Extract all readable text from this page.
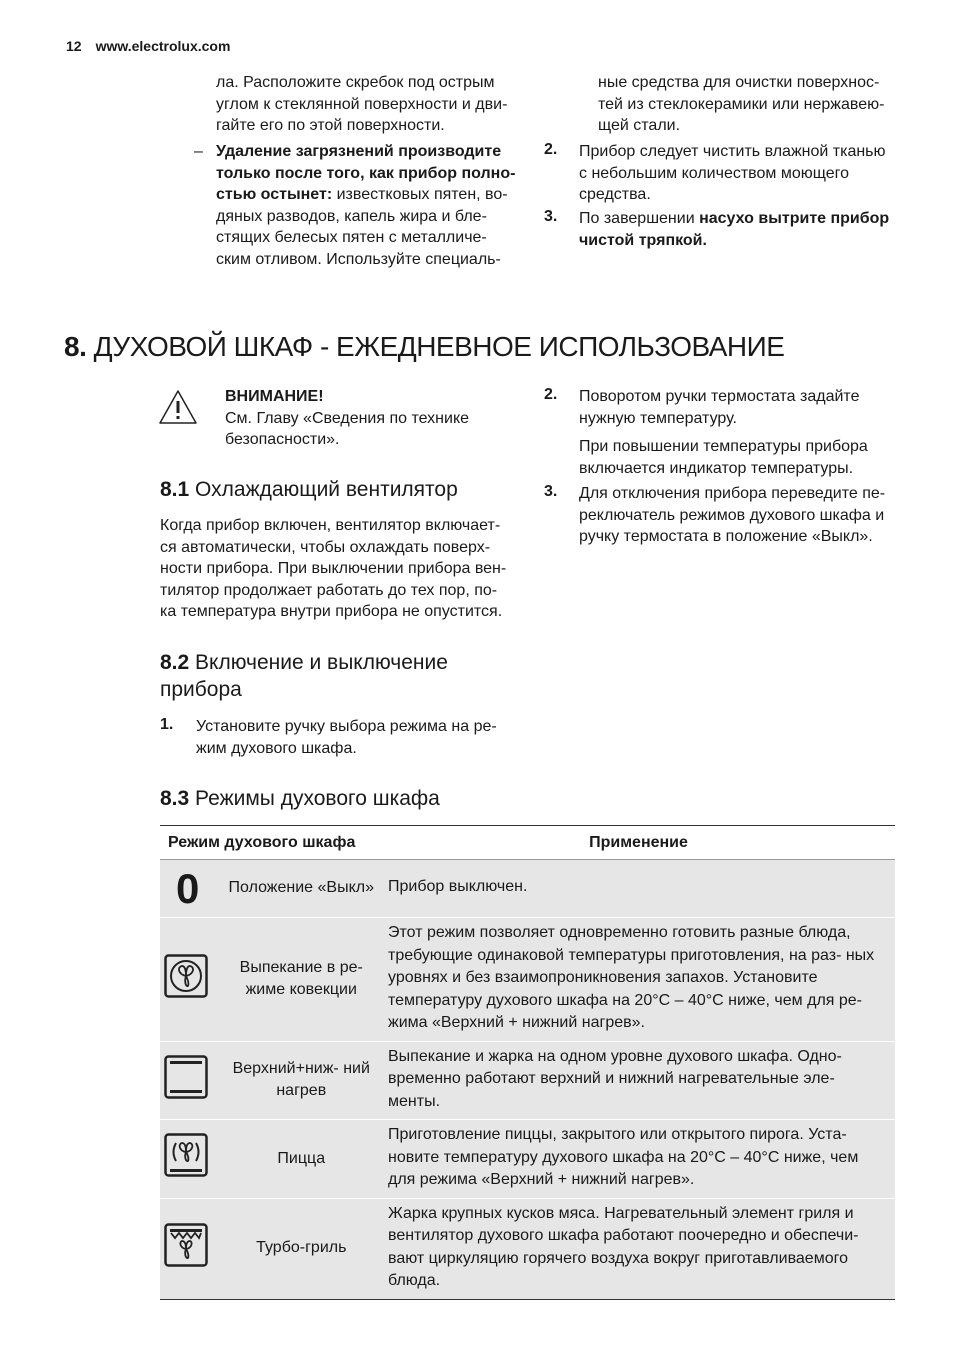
12 www.electrolux.com
ла. Расположите скребок под острым углом к стеклянной поверхности и дви- гайте его по этой поверхности.
– Удаление загрязнений производите только после того, как прибор полно- стью остынет: известковых пятен, во- дяных разводов, капель жира и бле- стящих белесых пятен с металличе- ским отливом. Используйте специаль-
ные средства для очистки поверхнос- тей из стеклокерамики или нержавею- щей стали.
2. Прибор следует чистить влажной тканью с небольшим количеством моющего средства.
3. По завершении насухо вытрите прибор чистой тряпкой.
8. ДУХОВОЙ ШКАФ - ЕЖЕДНЕВНОЕ ИСПОЛЬЗОВАНИЕ
ВНИМАНИЕ!
См. Главу «Сведения по технике безопасности».
8.1 Охлаждающий вентилятор
Когда прибор включен, вентилятор включает- ся автоматически, чтобы охлаждать поверх- ности прибора. При выключении прибора вен- тилятор продолжает работать до тех пор, по- ка температура внутри прибора не опустится.
8.2 Включение и выключение прибора
1. Установите ручку выбора режима на ре- жим духового шкафа.
2. Поворотом ручки термостата задайте нужную температуру.
При повышении температуры прибора включается индикатор температуры.
3. Для отключения прибора переведите пе- реключатель режимов духового шкафа и ручку термостата в положение «Выкл».
8.3 Режимы духового шкафа
Режим духового шкафа		Применение

0	Положение «Выкл»	Прибор выключен.
	Выпекание в ре- жиме ковекции	Этот режим позволяет одновременно готовить разные блюда, требующие одинаковой температуры приготовления, на раз- ных уровнях и без взаимопроникновения запахов. Установите температуру духового шкафа на 20°C – 40°C ниже, чем для ре- жима «Верхний + нижний нагрев».
	Верхний+ниж- ний нагрев	Выпекание и жарка на одном уровне духового шкафа. Одно- временно работают верхний и нижний нагревательные эле- менты.
	Пицца	Приготовление пиццы, закрытого или открытого пирога. Уста- новите температуру духового шкафа на 20°C – 40°C ниже, чем для режима «Верхний + нижний нагрев».
	Турбо-гриль	Жарка крупных кусков мяса. Нагревательный элемент гриля и вентилятор духового шкафа работают поочередно и обеспечи- вают циркуляцию горячего воздуха вокруг приготавливаемого блюда.
